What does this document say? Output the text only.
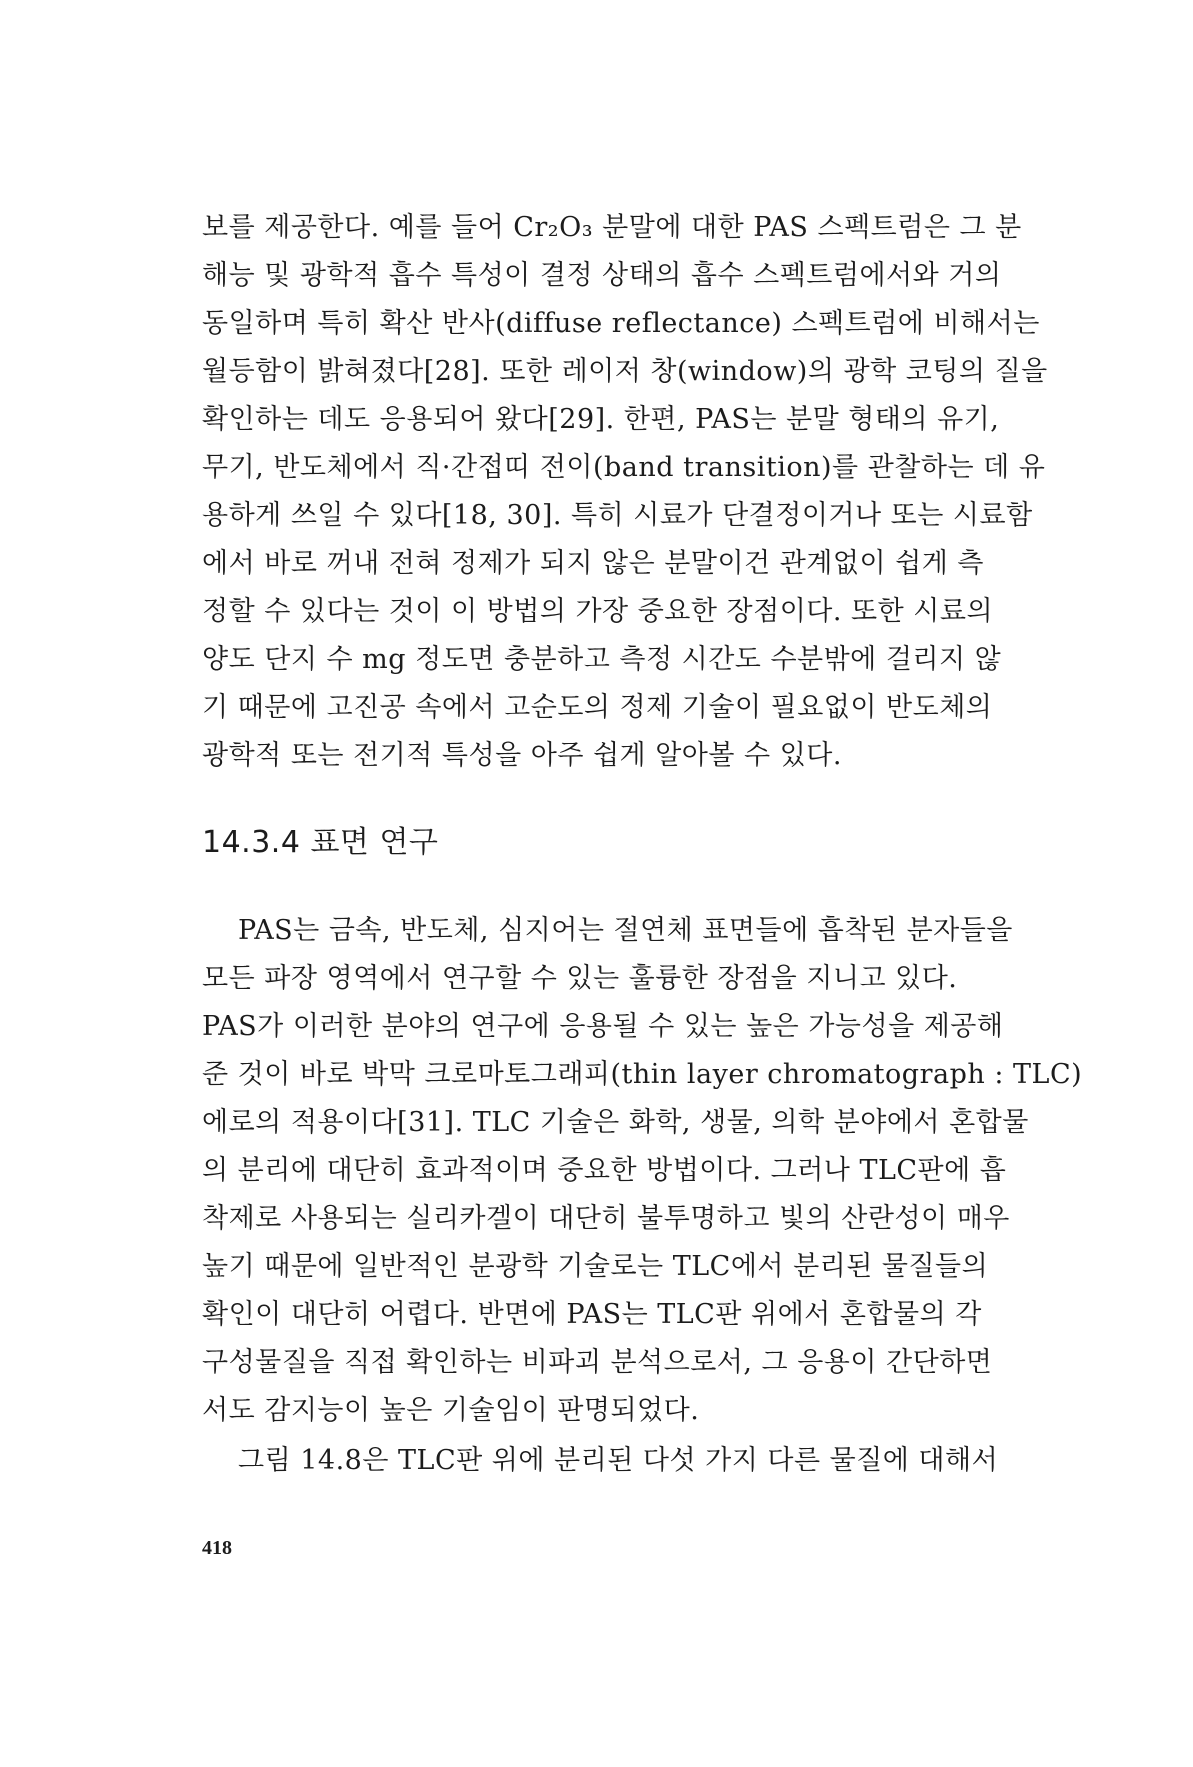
보를 제공한다. 예를 들어 Cr₂O₃ 분말에 대한 PAS 스펙트럼은 그 분
해능 및 광학적 흡수 특성이 결정 상태의 흡수 스펙트럼에서와 거의
동일하며 특히 확산 반사(diffuse reflectance) 스펙트럼에 비해서는
월등함이 밝혀졌다[28]. 또한 레이저 창(window)의 광학 코팅의 질을
확인하는 데도 응용되어 왔다[29]. 한편, PAS는 분말 형태의 유기,
무기, 반도체에서 직·간접띠 전이(band transition)를 관찰하는 데 유
용하게 쓰일 수 있다[18, 30]. 특히 시료가 단결정이거나 또는 시료함
에서 바로 꺼내 전혀 정제가 되지 않은 분말이건 관계없이 쉽게 측
정할 수 있다는 것이 이 방법의 가장 중요한 장점이다. 또한 시료의
양도 단지 수 mg 정도면 충분하고 측정 시간도 수분밖에 걸리지 않
기 때문에 고진공 속에서 고순도의 정제 기술이 필요없이 반도체의
광학적 또는 전기적 특성을 아주 쉽게 알아볼 수 있다.
14.3.4 표면 연구
PAS는 금속, 반도체, 심지어는 절연체 표면들에 흡착된 분자들을
모든 파장 영역에서 연구할 수 있는 훌륭한 장점을 지니고 있다.
PAS가 이러한 분야의 연구에 응용될 수 있는 높은 가능성을 제공해
준 것이 바로 박막 크로마토그래피(thin layer chromatograph : TLC)
에로의 적용이다[31]. TLC 기술은 화학, 생물, 의학 분야에서 혼합물
의 분리에 대단히 효과적이며 중요한 방법이다. 그러나 TLC판에 흡
착제로 사용되는 실리카겔이 대단히 불투명하고 빛의 산란성이 매우
높기 때문에 일반적인 분광학 기술로는 TLC에서 분리된 물질들의
확인이 대단히 어렵다. 반면에 PAS는 TLC판 위에서 혼합물의 각
구성물질을 직접 확인하는 비파괴 분석으로서, 그 응용이 간단하면
서도 감지능이 높은 기술임이 판명되었다.
그림 14.8은 TLC판 위에 분리된 다섯 가지 다른 물질에 대해서
418
